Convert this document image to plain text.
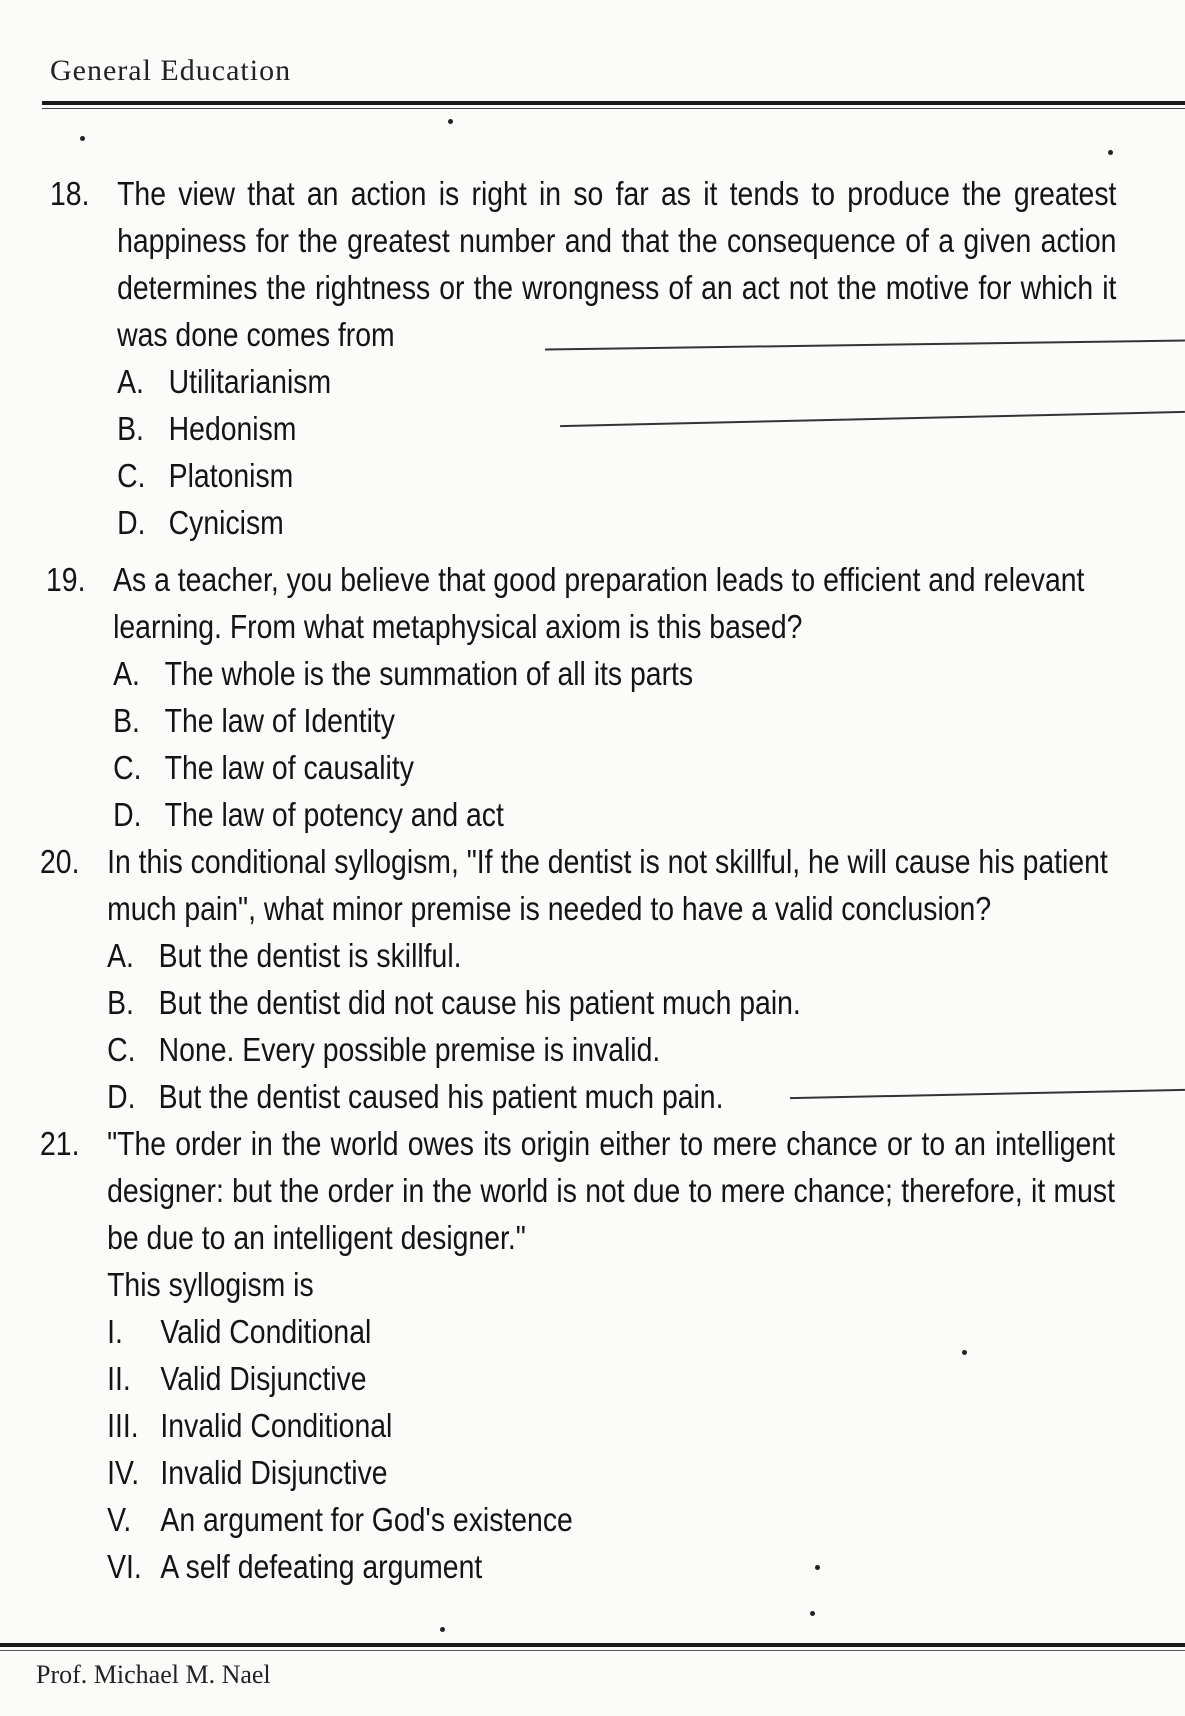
General Education
18. The view that an action is right in so far as it tends to produce the greatest happiness for the greatest number and that the consequence of a given action determines the rightness or the wrongness of an act not the motive for which it was done comes from
A. Utilitarianism
B. Hedonism
C. Platonism
D. Cynicism
19. As a teacher, you believe that good preparation leads to efficient and relevant learning. From what metaphysical axiom is this based?
A. The whole is the summation of all its parts
B. The law of Identity
C. The law of causality
D. The law of potency and act
20. In this conditional syllogism, "If the dentist is not skillful, he will cause his patient much pain", what minor premise is needed to have a valid conclusion?
A. But the dentist is skillful.
B. But the dentist did not cause his patient much pain.
C. None. Every possible premise is invalid.
D. But the dentist caused his patient much pain.
21. "The order in the world owes its origin either to mere chance or to an intelligent designer: but the order in the world is not due to mere chance; therefore, it must be due to an intelligent designer."
This syllogism is
I. Valid Conditional
II. Valid Disjunctive
III. Invalid Conditional
IV. Invalid Disjunctive
V. An argument for God's existence
VI. A self defeating argument
Prof. Michael M. Nael
